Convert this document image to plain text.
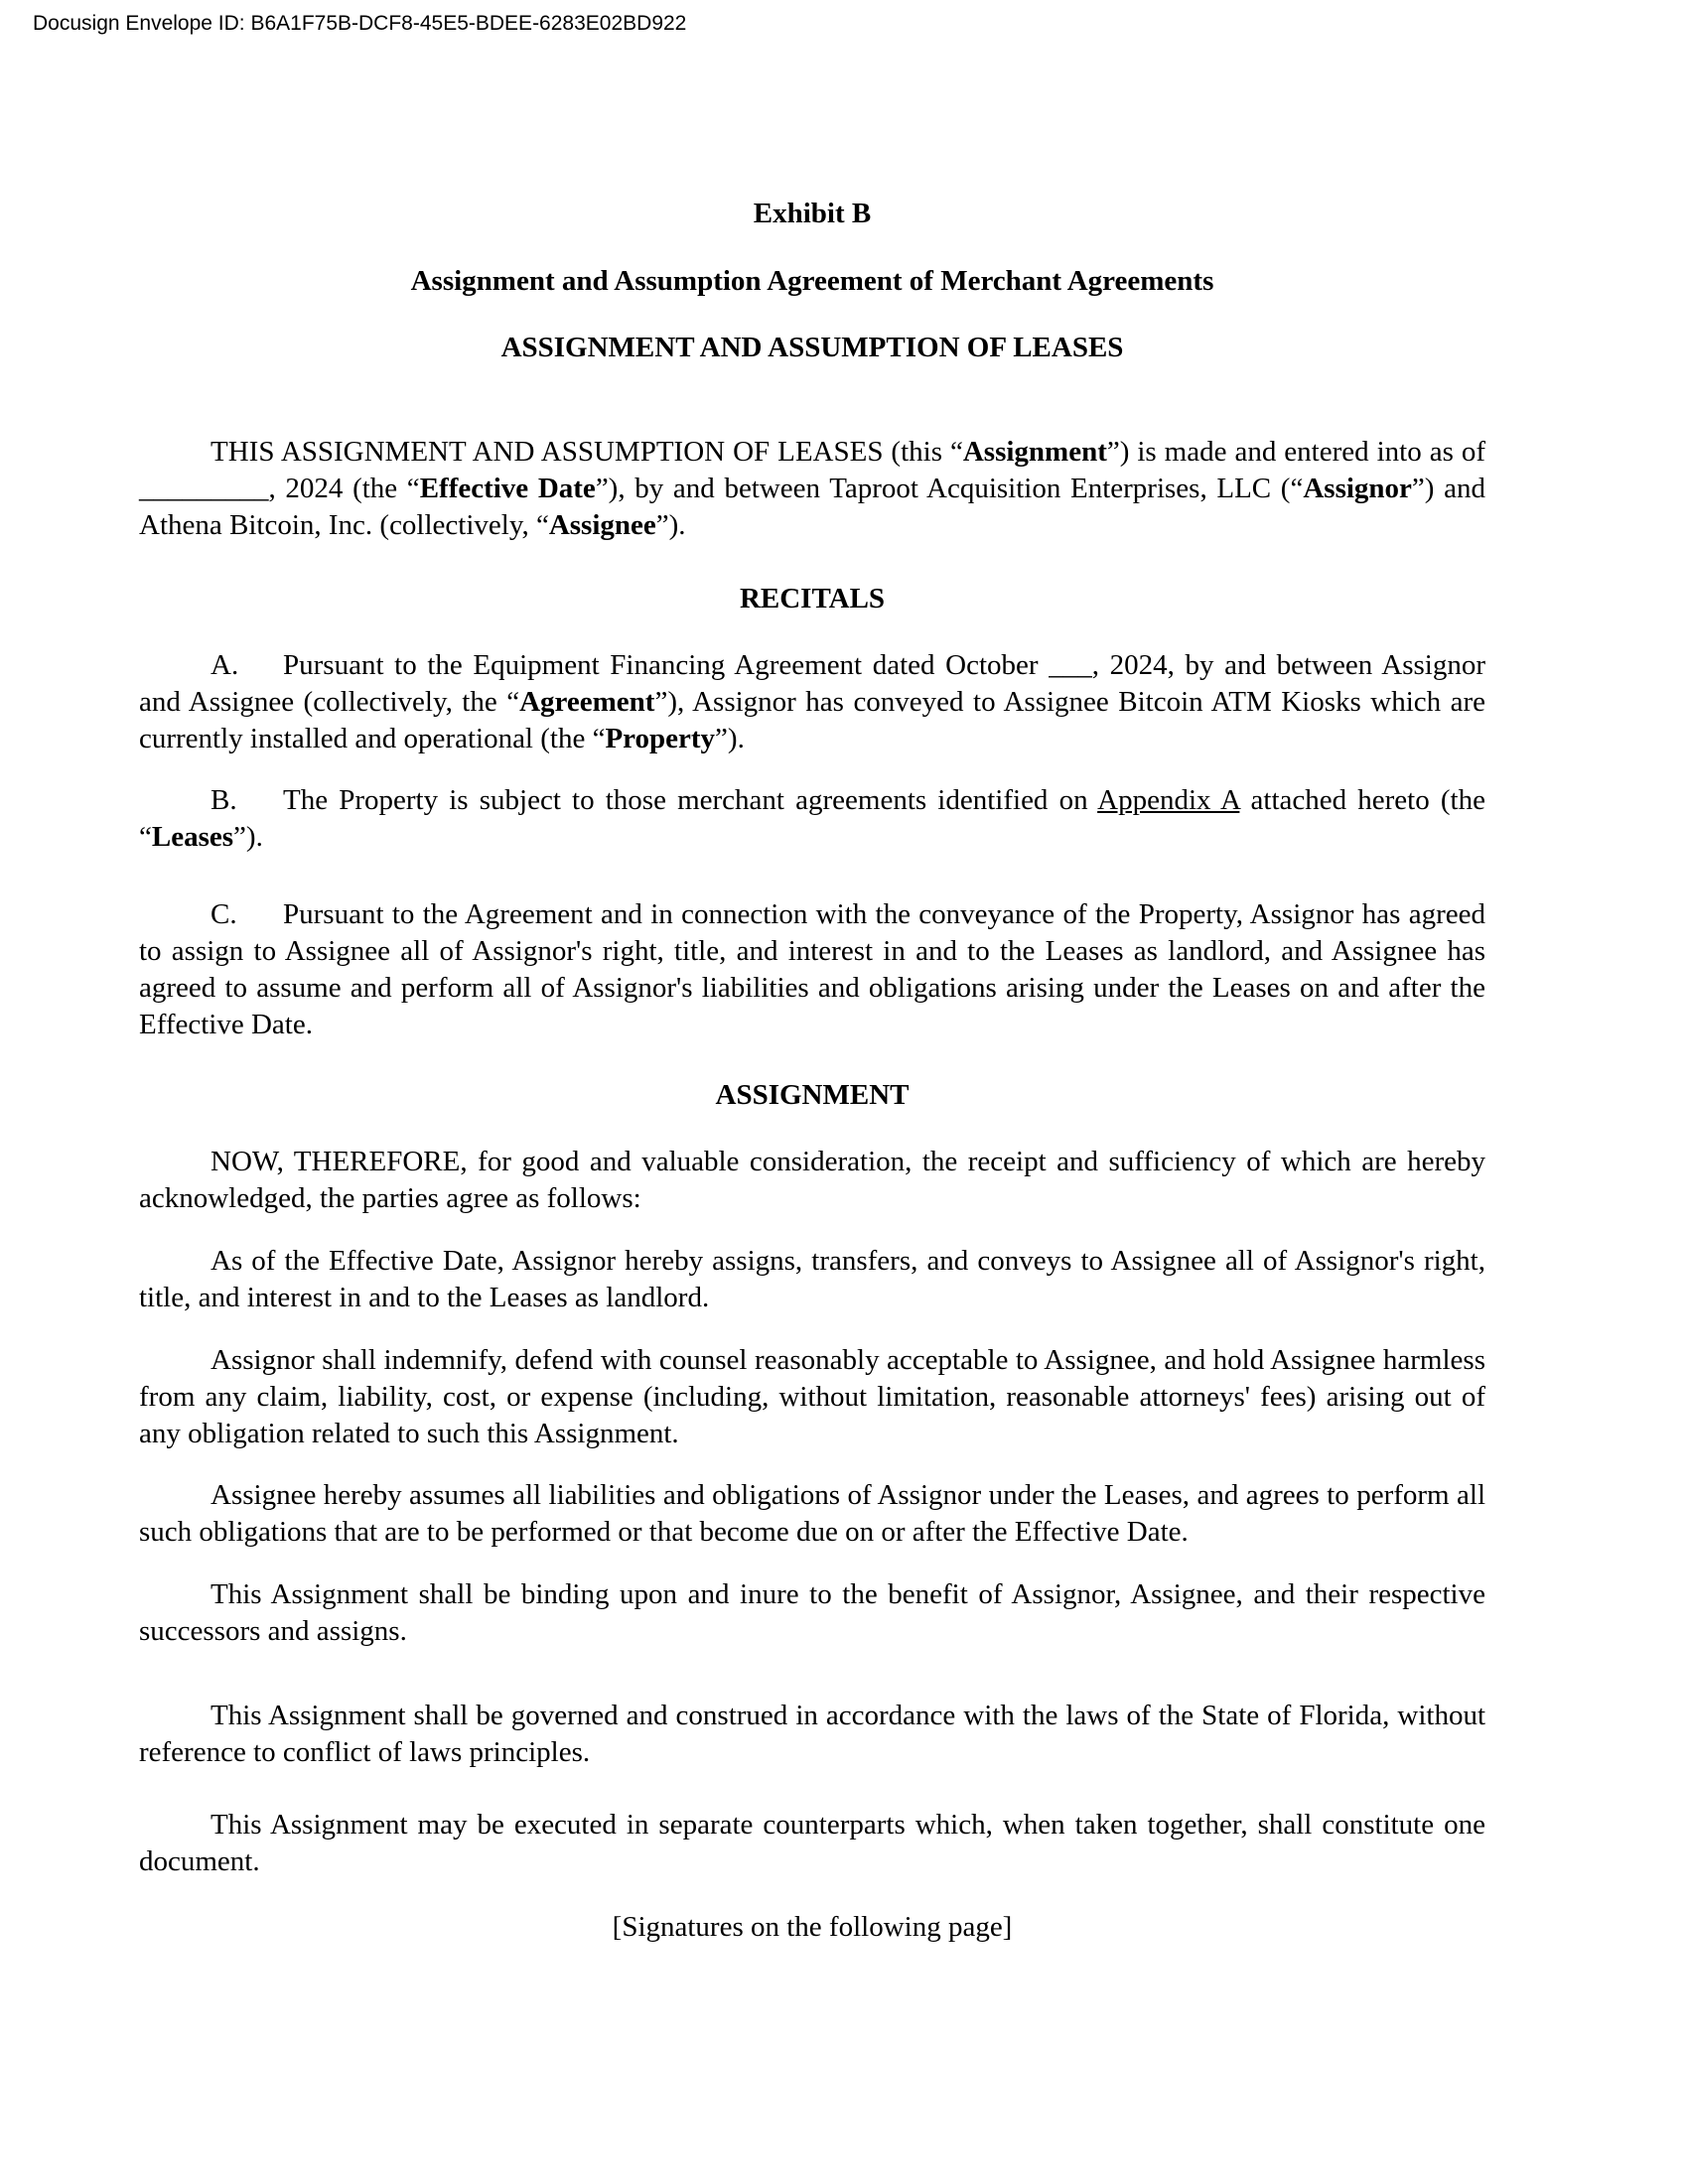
Docusign Envelope ID: B6A1F75B-DCF8-45E5-BDEE-6283E02BD922
Exhibit B
Assignment and Assumption Agreement of Merchant Agreements
ASSIGNMENT AND ASSUMPTION OF LEASES

THIS ASSIGNMENT AND ASSUMPTION OF LEASES (this “Assignment”) is made and entered into as of _________, 2024 (the “Effective Date”), by and between Taproot Acquisition Enterprises, LLC (“Assignor”) and Athena Bitcoin, Inc. (collectively, “Assignee”).

RECITALS

A. Pursuant to the Equipment Financing Agreement dated October ___, 2024, by and between Assignor and Assignee (collectively, the “Agreement”), Assignor has conveyed to Assignee Bitcoin ATM Kiosks which are currently installed and operational (the “Property”).

B. The Property is subject to those merchant agreements identified on Appendix A attached hereto (the “Leases”).

C. Pursuant to the Agreement and in connection with the conveyance of the Property, Assignor has agreed to assign to Assignee all of Assignor's right, title, and interest in and to the Leases as landlord, and Assignee has agreed to assume and perform all of Assignor's liabilities and obligations arising under the Leases on and after the Effective Date.

ASSIGNMENT

NOW, THEREFORE, for good and valuable consideration, the receipt and sufficiency of which are hereby acknowledged, the parties agree as follows:

As of the Effective Date, Assignor hereby assigns, transfers, and conveys to Assignee all of Assignor's right, title, and interest in and to the Leases as landlord.

Assignor shall indemnify, defend with counsel reasonably acceptable to Assignee, and hold Assignee harmless from any claim, liability, cost, or expense (including, without limitation, reasonable attorneys' fees) arising out of any obligation related to such this Assignment.

Assignee hereby assumes all liabilities and obligations of Assignor under the Leases, and agrees to perform all such obligations that are to be performed or that become due on or after the Effective Date.

This Assignment shall be binding upon and inure to the benefit of Assignor, Assignee, and their respective successors and assigns.

This Assignment shall be governed and construed in accordance with the laws of the State of Florida, without reference to conflict of laws principles.

This Assignment may be executed in separate counterparts which, when taken together, shall constitute one document.

[Signatures on the following page]
